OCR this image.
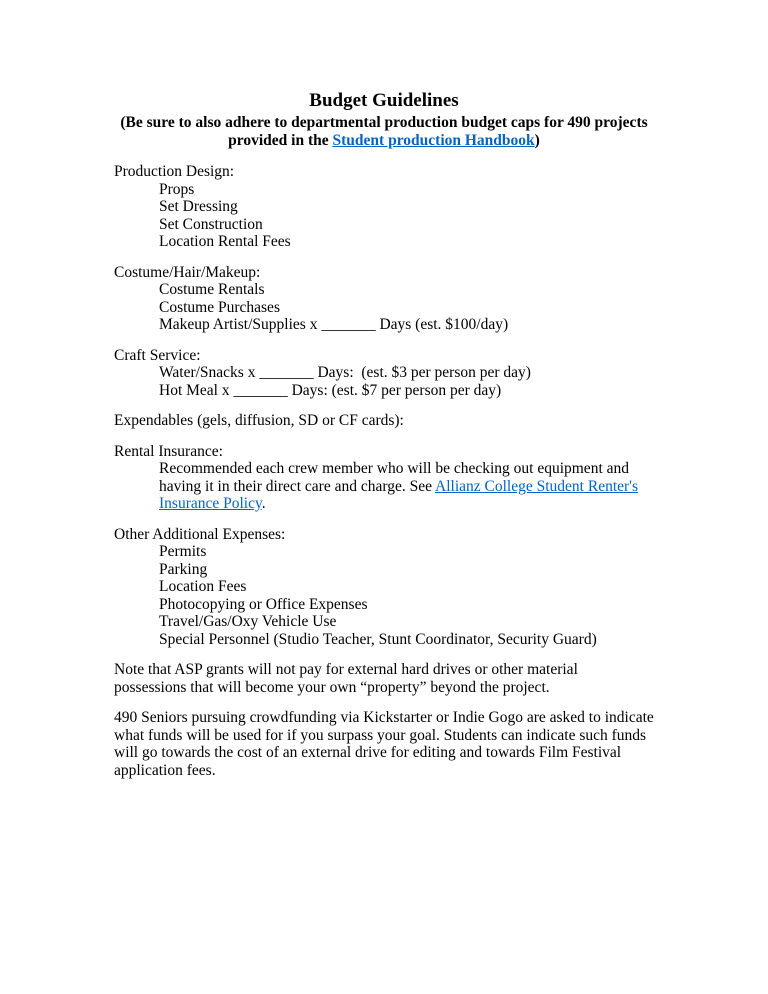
Budget Guidelines

(Be sure to also adhere to departmental production budget caps for 490 projects provided in the Student production Handbook)

Production Design:

Props

Set Dressing

Set Construction

Location Rental Fees

Costume/Hair/Makeup:

Costume Rentals

Costume Purchases

Makeup Artist/Supplies x _______ Days (est. $100/day)

Craft Service:

Water/Snacks x _______ Days:  (est. $3 per person per day)

Hot Meal x _______ Days: (est. $7 per person per day)

Expendables (gels, diffusion, SD or CF cards):

Rental Insurance:

Recommended each crew member who will be checking out equipment and having it in their direct care and charge. See Allianz College Student Renter's Insurance Policy.

Other Additional Expenses:

Permits

Parking

Location Fees

Photocopying or Office Expenses

Travel/Gas/Oxy Vehicle Use

Special Personnel (Studio Teacher, Stunt Coordinator, Security Guard)

Note that ASP grants will not pay for external hard drives or other material possessions that will become your own “property” beyond the project.

490 Seniors pursuing crowdfunding via Kickstarter or Indie Gogo are asked to indicate what funds will be used for if you surpass your goal. Students can indicate such funds will go towards the cost of an external drive for editing and towards Film Festival application fees.
